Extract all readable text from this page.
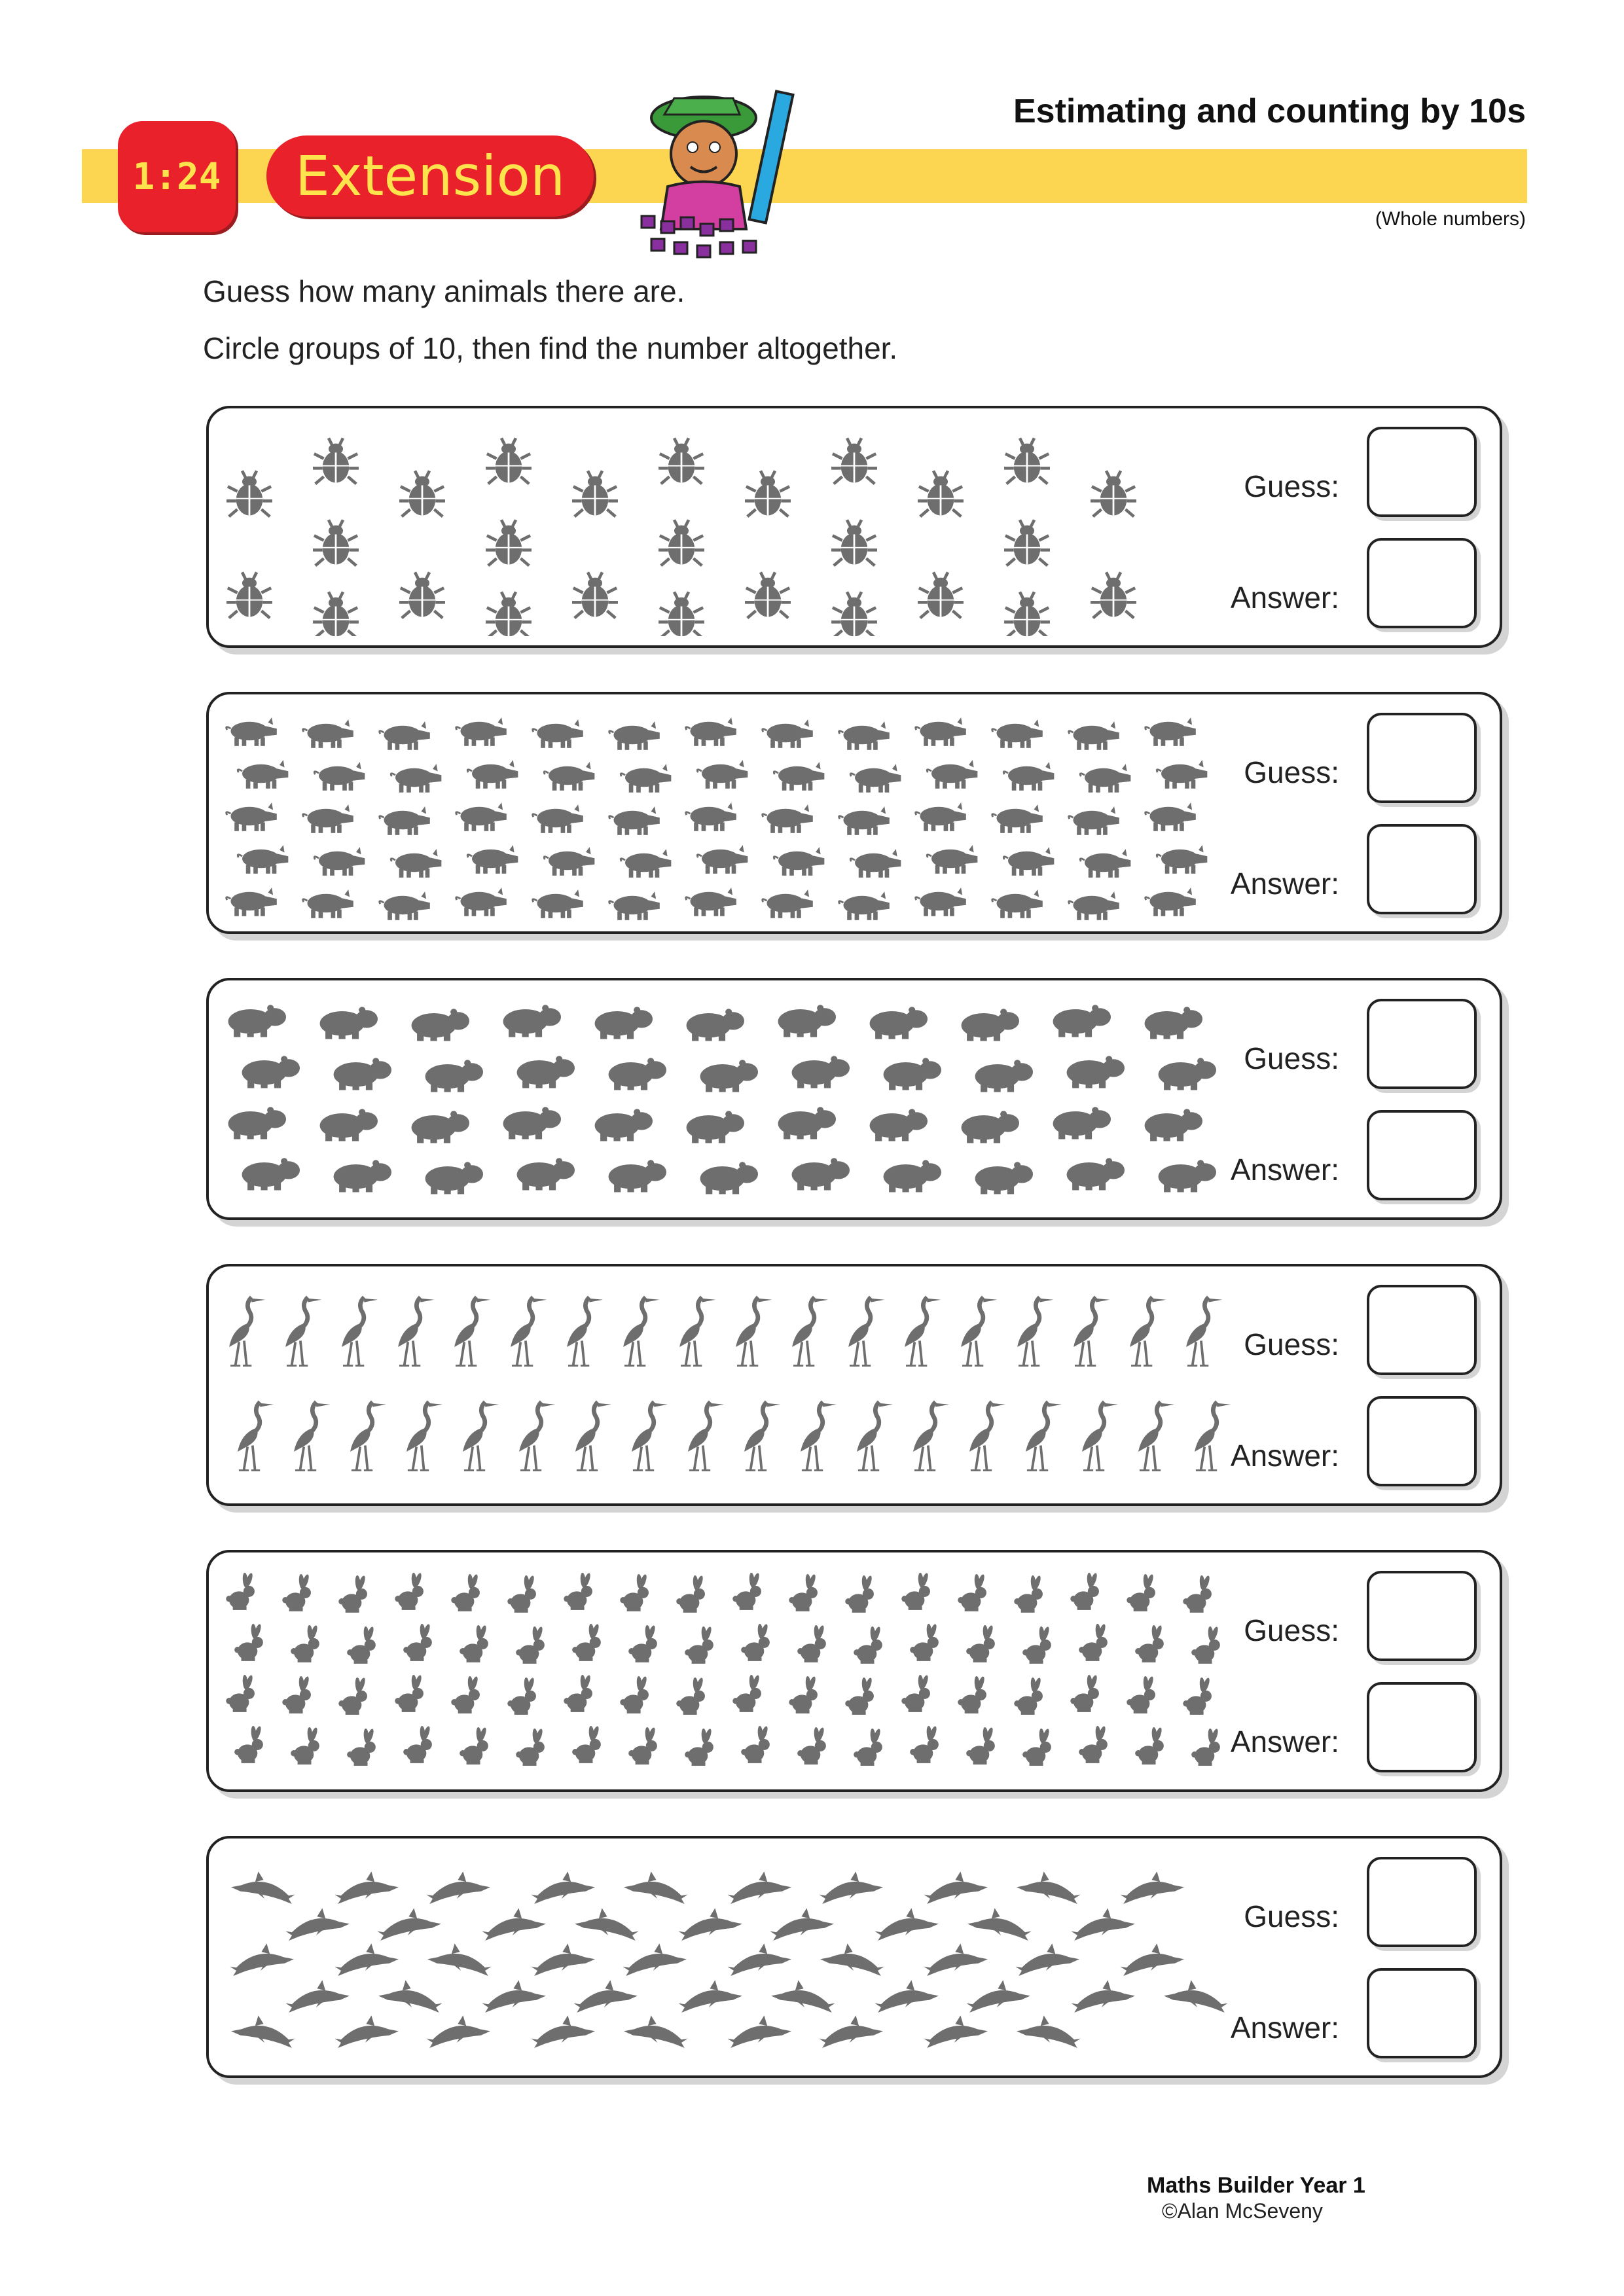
1:24	Extension
Estimating and counting by 10s
(Whole numbers)
Guess how many animals there are.
Circle groups of 10, then find the number altogether.
Guess:
Answer:
Guess:
Answer:
Guess:
Answer:
Guess:
Answer:
Guess:
Answer:
Guess:
Answer:
Maths Builder Year 1
©Alan McSeveny
